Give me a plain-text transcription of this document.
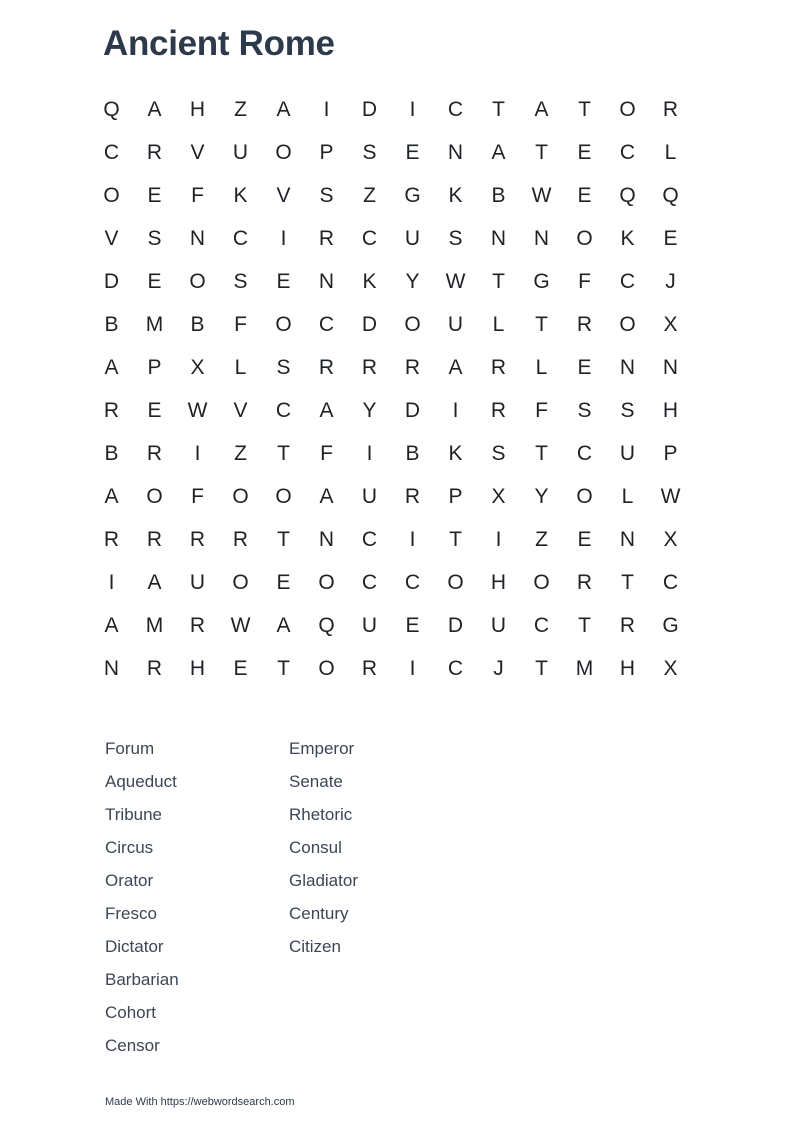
Ancient Rome
Q	A	H	Z	A	I	D	I	C	T	A	T	O	R
C	R	V	U	O	P	S	E	N	A	T	E	C	L
O	E	F	K	V	S	Z	G	K	B	W	E	Q	Q
V	S	N	C	I	R	C	U	S	N	N	O	K	E
D	E	O	S	E	N	K	Y	W	T	G	F	C	J
B	M	B	F	O	C	D	O	U	L	T	R	O	X
A	P	X	L	S	R	R	R	A	R	L	E	N	N
R	E	W	V	C	A	Y	D	I	R	F	S	S	H
B	R	I	Z	T	F	I	B	K	S	T	C	U	P
A	O	F	O	O	A	U	R	P	X	Y	O	L	W
R	R	R	R	T	N	C	I	T	I	Z	E	N	X
I	A	U	O	E	O	C	C	O	H	O	R	T	C
A	M	R	W	A	Q	U	E	D	U	C	T	R	G
N	R	H	E	T	O	R	I	C	J	T	M	H	X
Forum
Aqueduct
Tribune
Circus
Orator
Fresco
Dictator
Barbarian
Cohort
Censor
Emperor
Senate
Rhetoric
Consul
Gladiator
Century
Citizen
Made With https://webwordsearch.com
